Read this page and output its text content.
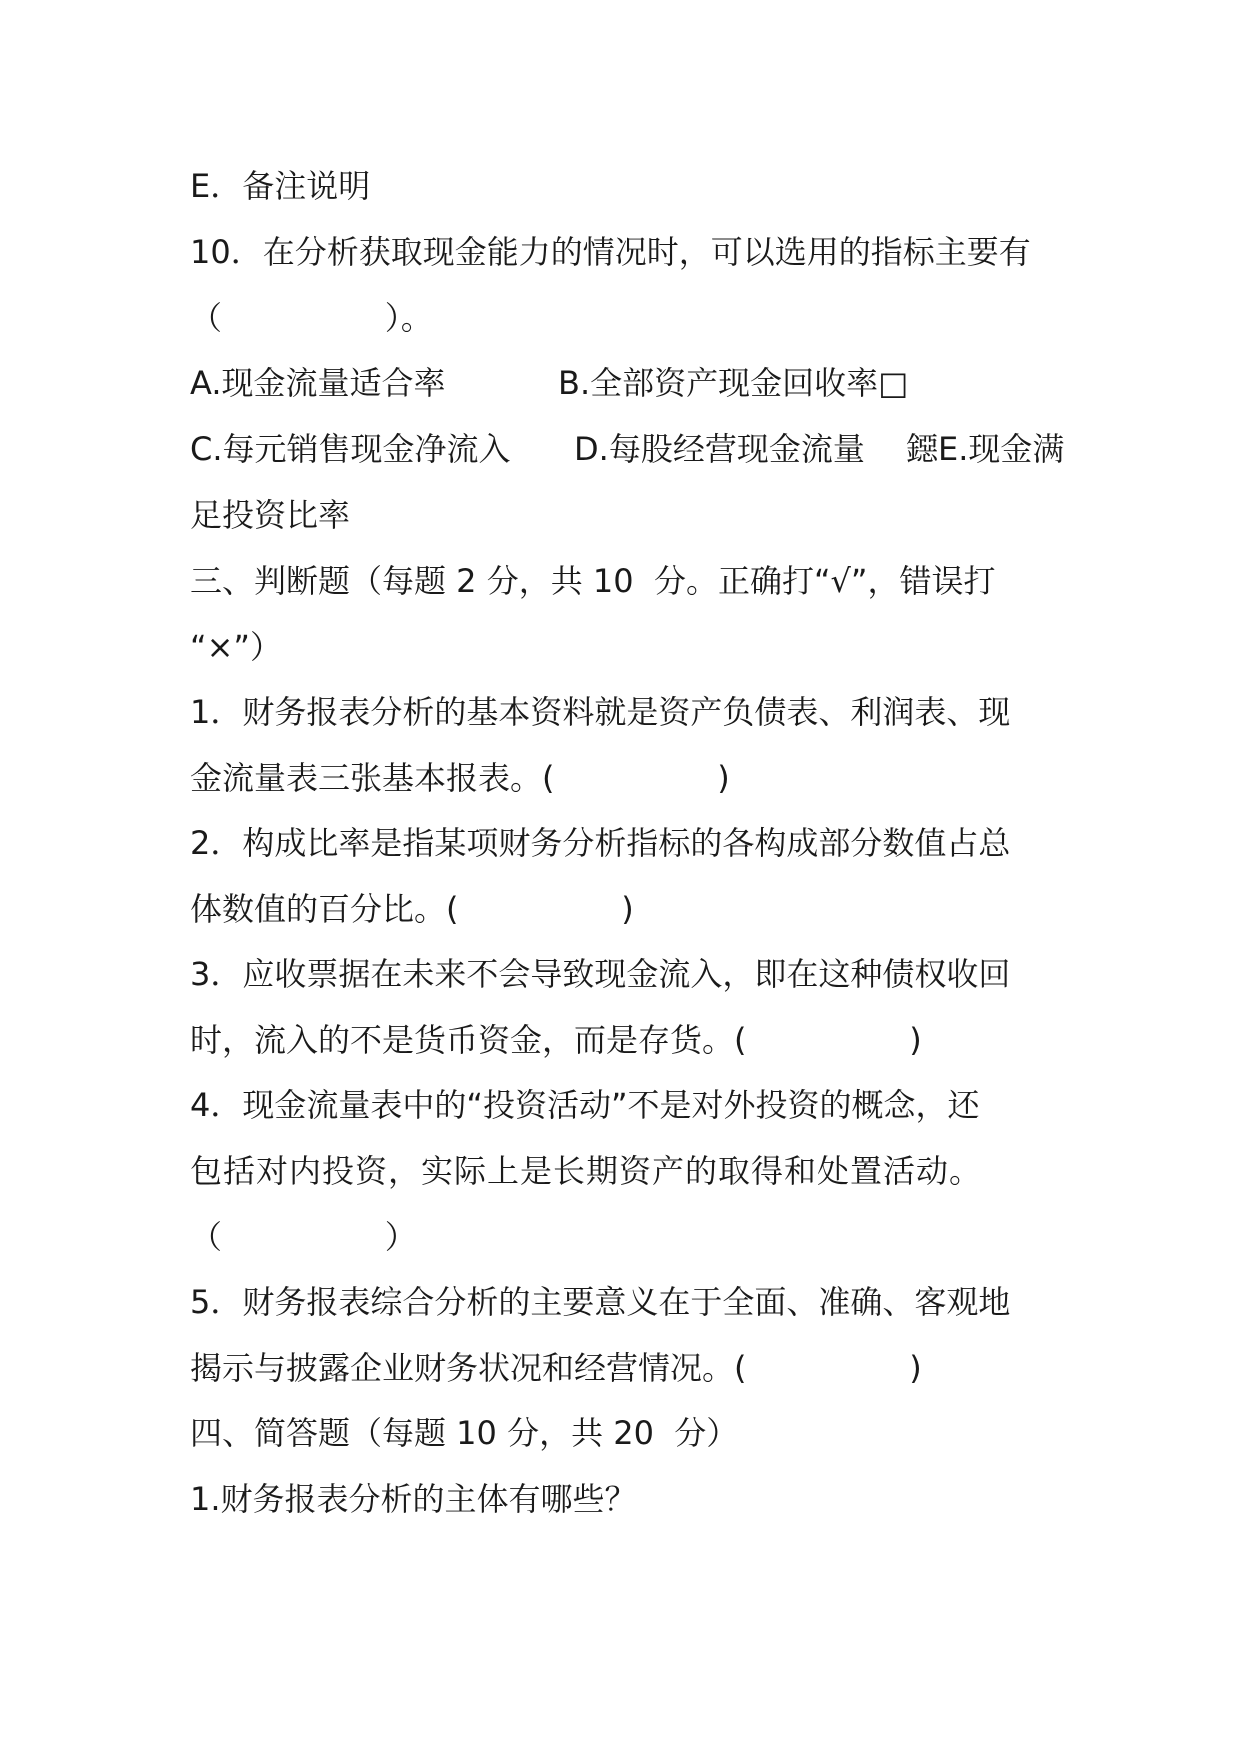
E．备注说明
10．在分析获取现金能力的情况时，可以选用的指标主要有
（                ）。
A.现金流量适合率	B.全部资产现金回收率□
C.每元销售现金净流入 D.每股经营现金流量 鐚E.现金满
足投资比率
三、判断题（每题 2 分，共 10  分。正确打“√”，错误打
“×”）
1．财务报表分析的基本资料就是资产负债表、利润表、现
金流量表三张基本报表。(                )
2．构成比率是指某项财务分析指标的各构成部分数值占总
体数值的百分比。(                )
3．应收票据在未来不会导致现金流入，即在这种债权收回
时，流入的不是货币资金，而是存货。(                )
4．现金流量表中的“投资活动”不是对外投资的概念，还
包括对内投资，实际上是长期资产的取得和处置活动。
（                ）
5．财务报表综合分析的主要意义在于全面、准确、客观地
揭示与披露企业财务状况和经营情况。(                )
四、简答题（每题 10 分，共 20  分）
1.财务报表分析的主体有哪些？
